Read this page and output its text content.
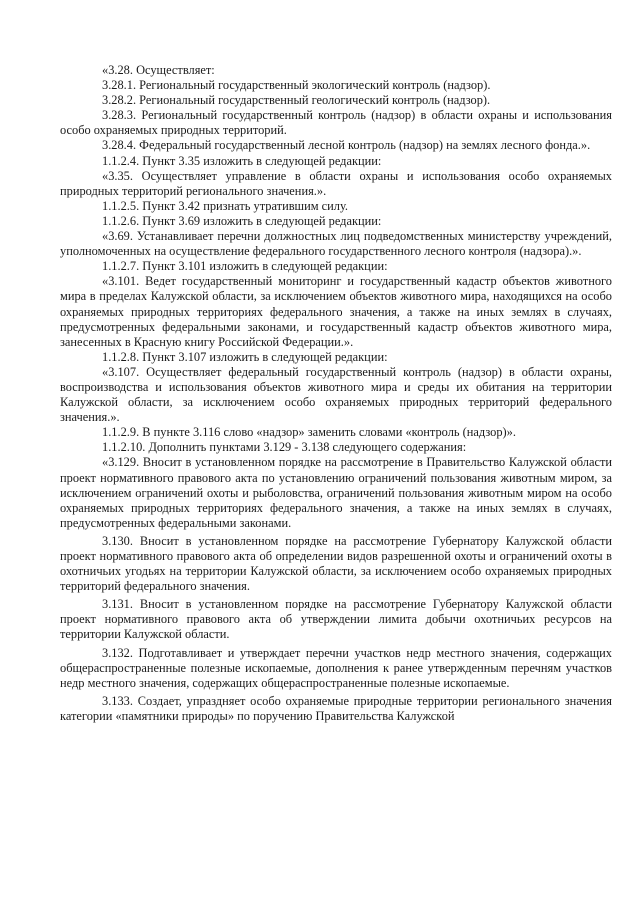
«3.28. Осуществляет:

3.28.1. Региональный государственный экологический контроль (надзор).

3.28.2. Региональный государственный геологический контроль (надзор).

3.28.3. Региональный государственный контроль (надзор) в области охраны и использования особо охраняемых природных территорий.

3.28.4. Федеральный государственный лесной контроль (надзор) на землях лесного фонда.».

1.1.2.4. Пункт 3.35 изложить в следующей редакции:

«3.35. Осуществляет управление в области охраны и использования особо охраняемых природных территорий регионального значения.».

1.1.2.5. Пункт 3.42 признать утратившим силу.

1.1.2.6. Пункт 3.69 изложить в следующей редакции:

«3.69. Устанавливает перечни должностных лиц подведомственных министерству учреждений, уполномоченных на осуществление федерального государственного лесного контроля (надзора).».

1.1.2.7. Пункт 3.101 изложить в следующей редакции:

«3.101. Ведет государственный мониторинг и государственный кадастр объектов животного мира в пределах Калужской области, за исключением объектов животного мира, находящихся на особо охраняемых природных территориях федерального значения, а также на иных землях в случаях, предусмотренных федеральными законами, и государственный кадастр объектов животного мира, занесенных в Красную книгу Российской Федерации.».

1.1.2.8. Пункт 3.107 изложить в следующей редакции:

«3.107. Осуществляет федеральный государственный контроль (надзор) в области охраны, воспроизводства и использования объектов животного мира и среды их обитания на территории Калужской области, за исключением особо охраняемых природных территорий федерального значения.».

1.1.2.9. В пункте 3.116 слово «надзор» заменить словами «контроль (надзор)».

1.1.2.10. Дополнить пунктами 3.129 - 3.138 следующего содержания:

«3.129. Вносит в установленном порядке на рассмотрение в Правительство Калужской области проект нормативного правового акта по установлению ограничений пользования животным миром, за исключением ограничений охоты и рыболовства, ограничений пользования животным миром на особо охраняемых природных территориях федерального значения, а также на иных землях в случаях, предусмотренных федеральными законами.

3.130. Вносит в установленном порядке на рассмотрение Губернатору Калужской области проект нормативного правового акта об определении видов разрешенной охоты и ограничений охоты в охотничьих угодьях на территории Калужской области, за исключением особо охраняемых природных территорий федерального значения.

3.131. Вносит в установленном порядке на рассмотрение Губернатору Калужской области проект нормативного правового акта об утверждении лимита добычи охотничьих ресурсов на территории Калужской области.

3.132. Подготавливает и утверждает перечни участков недр местного значения, содержащих общераспространенные полезные ископаемые, дополнения к ранее утвержденным перечням участков недр местного значения, содержащих общераспространенные полезные ископаемые.

3.133. Создает, упраздняет особо охраняемые природные территории регионального значения категории «памятники природы» по поручению Правительства Калужской
